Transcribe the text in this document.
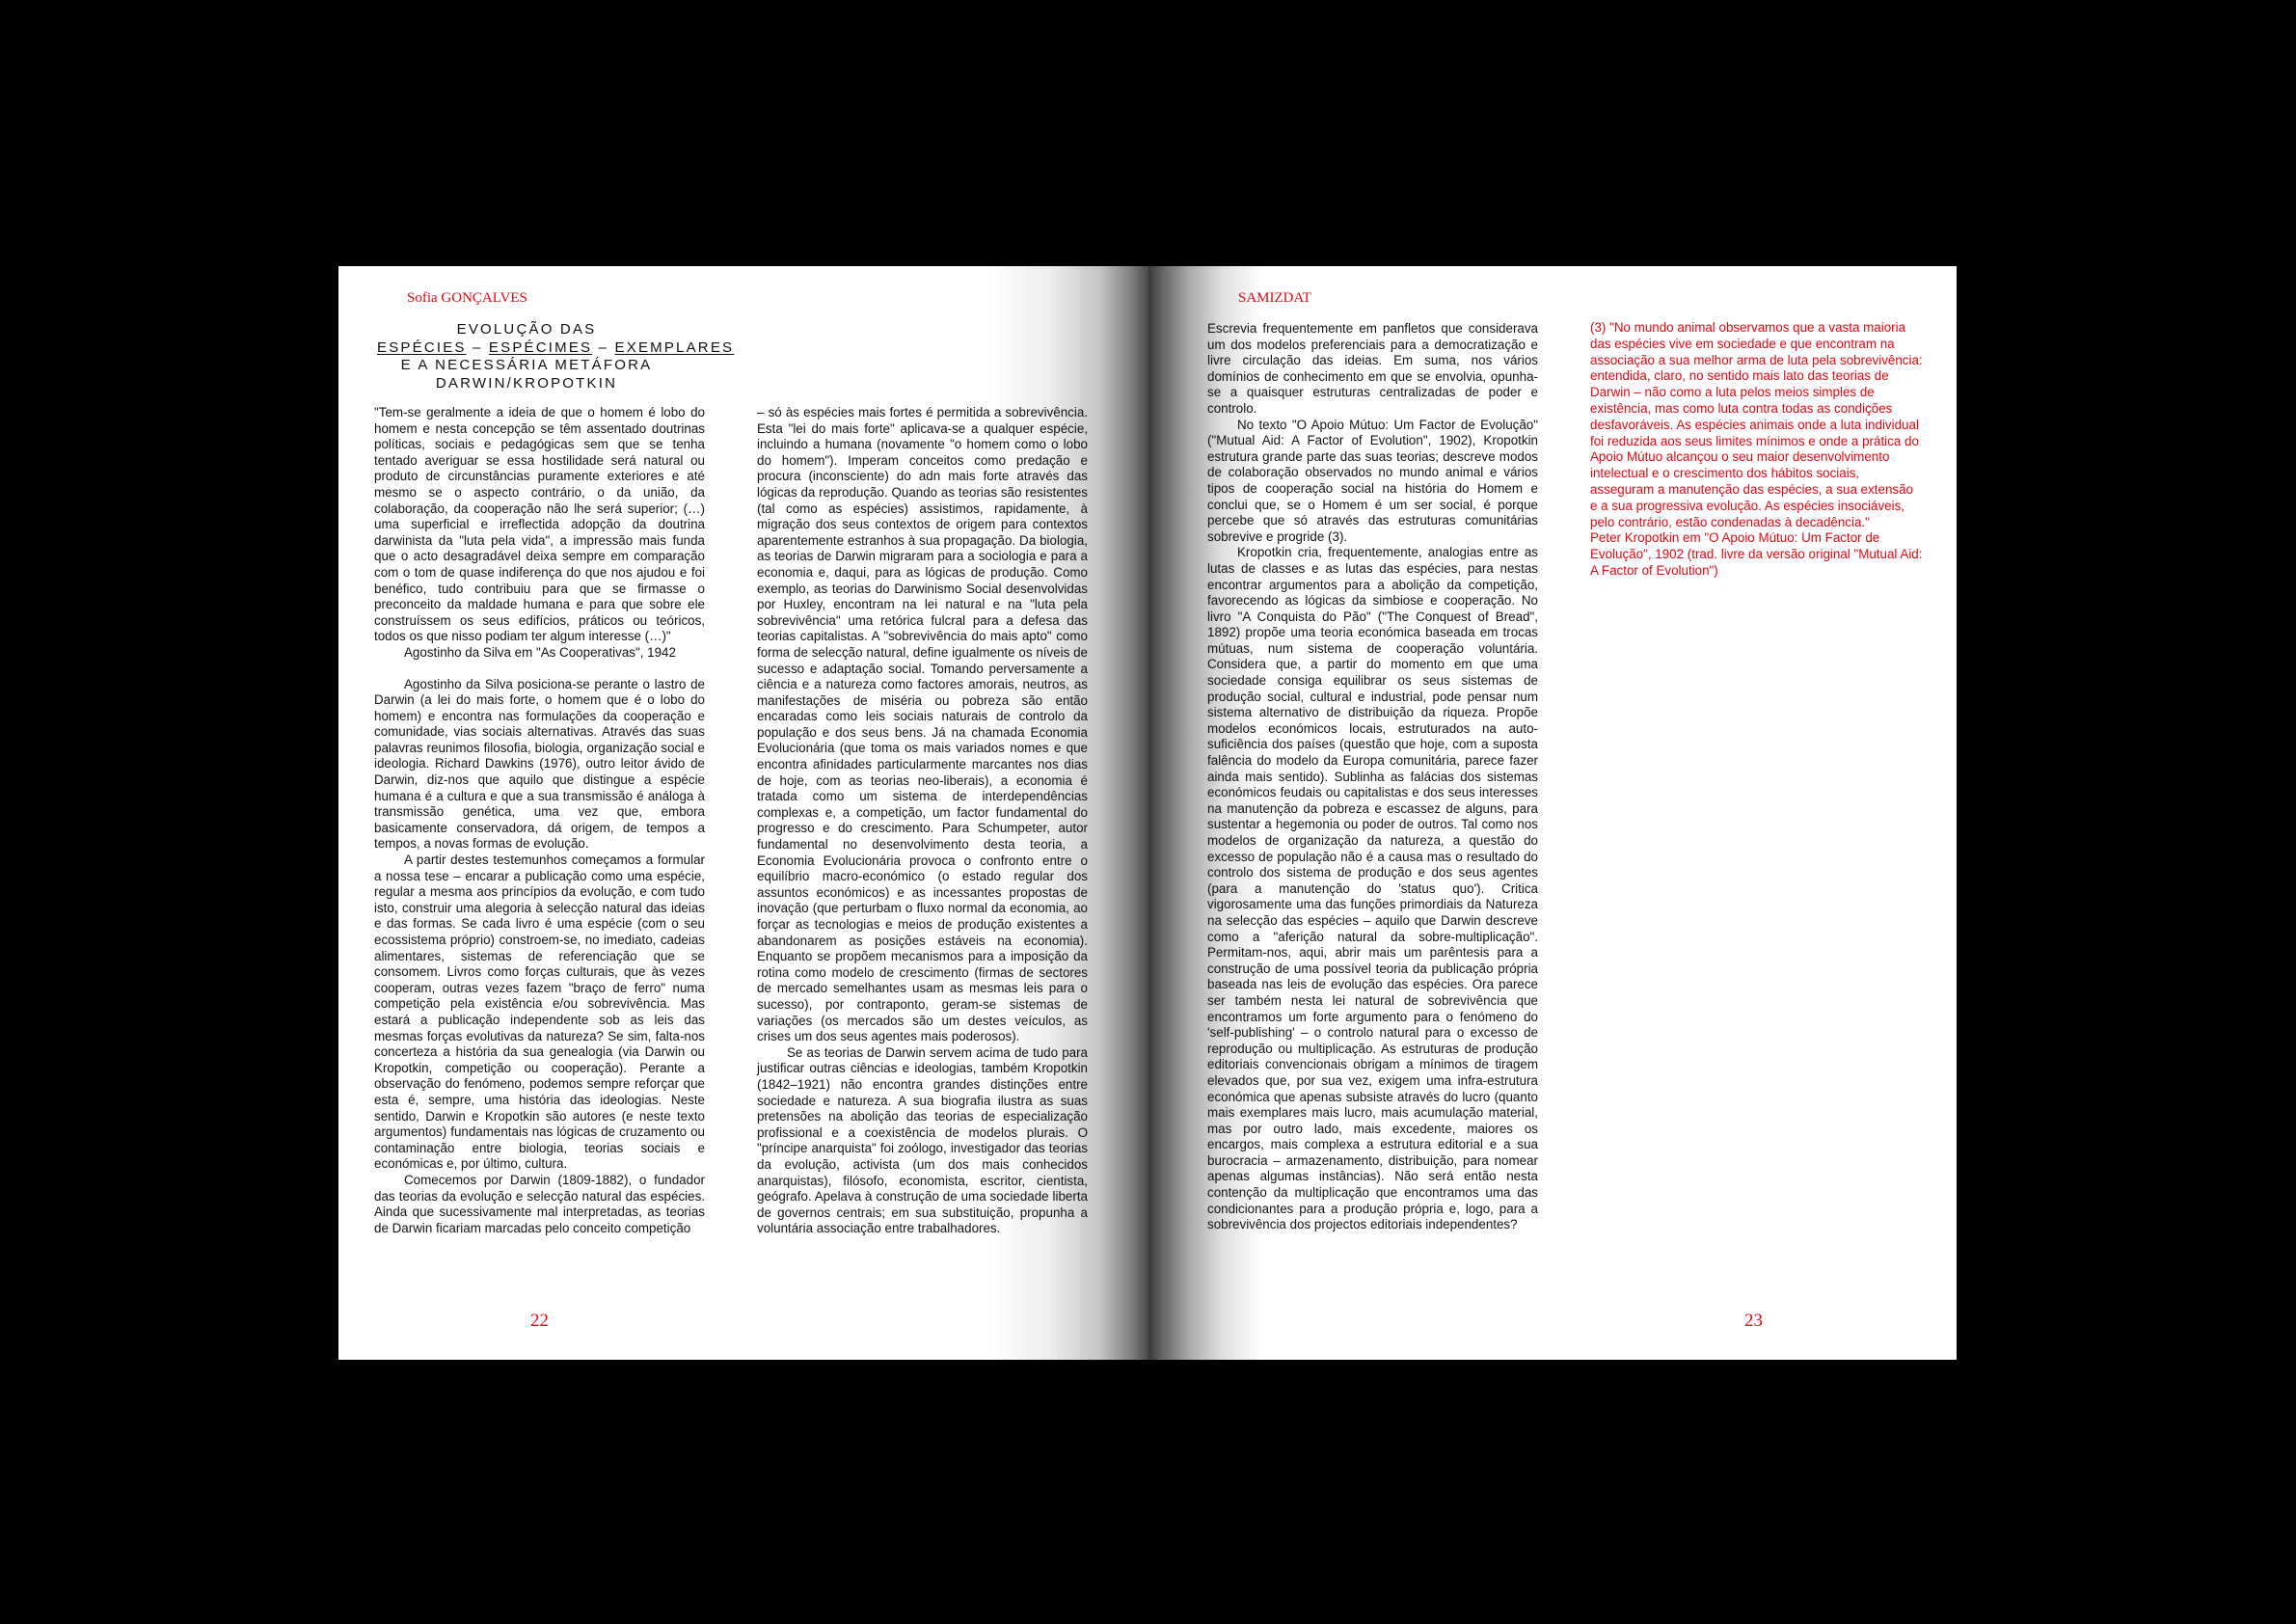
Sofia GONÇALVES
EVOLUÇÃO DAS
ESPÉCIES – ESPÉCIMES – EXEMPLARES
E A NECESSÁRIA METÁFORA
DARWIN/KROPOTKIN

"Tem-se geralmente a ideia de que o homem é lobo do homem e nesta concepção se têm assentado doutrinas políticas, sociais e pedagógicas sem que se tenha tentado averiguar se essa hostilidade será natural ou produto de circunstâncias puramente exteriores e até mesmo se o aspecto contrário, o da união, da colaboração, da cooperação não lhe será superior; (…) uma superficial e irreflectida adopção da doutrina darwinista da "luta pela vida", a impressão mais funda que o acto desagradável deixa sempre em comparação com o tom de quase indiferença do que nos ajudou e foi benéfico, tudo contribuiu para que se firmasse o preconceito da maldade humana e para que sobre ele construíssem os seus edifícios, práticos ou teóricos, todos os que nisso podiam ter algum interesse (…)"

Agostinho da Silva em "As Cooperativas", 1942

Agostinho da Silva posiciona-se perante o lastro de Darwin (a lei do mais forte, o homem que é o lobo do homem) e encontra nas formulações da cooperação e comunidade, vias sociais alternativas. Através das suas palavras reunimos filosofia, biologia, organização social e ideologia. Richard Dawkins (1976), outro leitor ávido de Darwin, diz-nos que aquilo que distingue a espécie humana é a cultura e que a sua transmissão é análoga à transmissão genética, uma vez que, embora basicamente conservadora, dá origem, de tempos a tempos, a novas formas de evolução.

A partir destes testemunhos começamos a formular a nossa tese – encarar a publicação como uma espécie, regular a mesma aos princípios da evolução, e com tudo isto, construir uma alegoria à selecção natural das ideias e das formas. Se cada livro é uma espécie (com o seu ecossistema próprio) constroem-se, no imediato, cadeias alimentares, sistemas de referenciação que se consomem. Livros como forças culturais, que às vezes cooperam, outras vezes fazem "braço de ferro" numa competição pela existência e/ou sobrevivência. Mas estará a publicação independente sob as leis das mesmas forças evolutivas da natureza? Se sim, falta-nos concerteza a história da sua genealogia (via Darwin ou Kropotkin, competição ou cooperação). Perante a observação do fenómeno, podemos sempre reforçar que esta é, sempre, uma história das ideologias. Neste sentido, Darwin e Kropotkin são autores (e neste texto argumentos) fundamentais nas lógicas de cruzamento ou contaminação entre biologia, teorias sociais e económicas e, por último, cultura.

Comecemos por Darwin (1809-1882), o fundador das teorias da evolução e selecção natural das espécies. Ainda que sucessivamente mal interpretadas, as teorias de Darwin ficariam marcadas pelo conceito competição

– só às espécies mais fortes é permitida a sobrevivência. Esta "lei do mais forte" aplicava-se a qualquer espécie, incluindo a humana (novamente "o homem como o lobo do homem"). Imperam conceitos como predação e procura (inconsciente) do adn mais forte através das lógicas da reprodução. Quando as teorias são resistentes (tal como as espécies) assistimos, rapidamente, à migração dos seus contextos de origem para contextos aparentemente estranhos à sua propagação. Da biologia, as teorias de Darwin migraram para a sociologia e para a economia e, daqui, para as lógicas de produção. Como exemplo, as teorias do Darwinismo Social desenvolvidas por Huxley, encontram na lei natural e na "luta pela sobrevivência" uma retórica fulcral para a defesa das teorias capitalistas. A "sobrevivência do mais apto" como forma de selecção natural, define igualmente os níveis de sucesso e adaptação social. Tomando perversamente a ciência e a natureza como factores amorais, neutros, as manifestações de miséria ou pobreza são então encaradas como leis sociais naturais de controlo da população e dos seus bens. Já na chamada Economia Evolucionária (que toma os mais variados nomes e que encontra afinidades particularmente marcantes nos dias de hoje, com as teorias neo-liberais), a economia é tratada como um sistema de interdependências complexas e, a competição, um factor fundamental do progresso e do crescimento. Para Schumpeter, autor fundamental no desenvolvimento desta teoria, a Economia Evolucionária provoca o confronto entre o equilíbrio macro-económico (o estado regular dos assuntos económicos) e as incessantes propostas de inovação (que perturbam o fluxo normal da economia, ao forçar as tecnologias e meios de produção existentes a abandonarem as posições estáveis na economia). Enquanto se propõem mecanismos para a imposição da rotina como modelo de crescimento (firmas de sectores de mercado semelhantes usam as mesmas leis para o sucesso), por contraponto, geram-se sistemas de variações (os mercados são um destes veículos, as crises um dos seus agentes mais poderosos).

Se as teorias de Darwin servem acima de tudo para justificar outras ciências e ideologias, também Kropotkin (1842–1921) não encontra grandes distinções entre sociedade e natureza. A sua biografia ilustra as suas pretensões na abolição das teorias de especialização profissional e a coexistência de modelos plurais. O "príncipe anarquista" foi zoólogo, investigador das teorias da evolução, activista (um dos mais conhecidos anarquistas), filósofo, economista, escritor, cientista, geógrafo. Apelava à construção de uma sociedade liberta de governos centrais; em sua substituição, propunha a voluntária associação entre trabalhadores.

22
SAMIZDAT

Escrevia frequentemente em panfletos que considerava um dos modelos preferenciais para a democratização e livre circulação das ideias. Em suma, nos vários domínios de conhecimento em que se envolvia, opunha-se a quaisquer estruturas centralizadas de poder e controlo.

No texto "O Apoio Mútuo: Um Factor de Evolução" ("Mutual Aid: A Factor of Evolution", 1902), Kropotkin estrutura grande parte das suas teorias; descreve modos de colaboração observados no mundo animal e vários tipos de cooperação social na história do Homem e conclui que, se o Homem é um ser social, é porque percebe que só através das estruturas comunitárias sobrevive e progride (3).

Kropotkin cria, frequentemente, analogias entre as lutas de classes e as lutas das espécies, para nestas encontrar argumentos para a abolição da competição, favorecendo as lógicas da simbiose e cooperação. No livro "A Conquista do Pão" ("The Conquest of Bread", 1892) propõe uma teoria económica baseada em trocas mútuas, num sistema de cooperação voluntária. Considera que, a partir do momento em que uma sociedade consiga equilibrar os seus sistemas de produção social, cultural e industrial, pode pensar num sistema alternativo de distribuição da riqueza. Propõe modelos económicos locais, estruturados na auto-suficiência dos países (questão que hoje, com a suposta falência do modelo da Europa comunitária, parece fazer ainda mais sentido). Sublinha as falácias dos sistemas económicos feudais ou capitalistas e dos seus interesses na manutenção da pobreza e escassez de alguns, para sustentar a hegemonia ou poder de outros. Tal como nos modelos de organização da natureza, a questão do excesso de população não é a causa mas o resultado do controlo dos sistema de produção e dos seus agentes (para a manutenção do 'status quo'). Critica vigorosamente uma das funções primordiais da Natureza na selecção das espécies – aquilo que Darwin descreve como a "aferição natural da sobre-multiplicação". Permitam-nos, aqui, abrir mais um parêntesis para a construção de uma possível teoria da publicação própria baseada nas leis de evolução das espécies. Ora parece ser também nesta lei natural de sobrevivência que encontramos um forte argumento para o fenómeno do 'self-publishing' – o controlo natural para o excesso de reprodução ou multiplicação. As estruturas de produção editoriais convencionais obrigam a mínimos de tiragem elevados que, por sua vez, exigem uma infra-estrutura económica que apenas subsiste através do lucro (quanto mais exemplares mais lucro, mais acumulação material, mas por outro lado, mais excedente, maiores os encargos, mais complexa a estrutura editorial e a sua burocracia – armazenamento, distribuição, para nomear apenas algumas instâncias). Não será então nesta contenção da multiplicação que encontramos uma das condicionantes para a produção própria e, logo, para a sobrevivência dos projectos editoriais independentes?

(3) "No mundo animal observamos que a vasta maioria das espécies vive em sociedade e que encontram na associação a sua melhor arma de luta pela sobrevivência: entendida, claro, no sentido mais lato das teorias de Darwin – não como a luta pelos meios simples de existência, mas como luta contra todas as condições desfavoráveis. As espécies animais onde a luta individual foi reduzida aos seus limites mínimos e onde a prática do Apoio Mútuo alcançou o seu maior desenvolvimento intelectual e o crescimento dos hábitos sociais, asseguram a manutenção das espécies, a sua extensão e a sua progressiva evolução. As espécies insociáveis, pelo contrário, estão condenadas à decadência."

Peter Kropotkin em "O Apoio Mútuo: Um Factor de Evolução", 1902 (trad. livre da versão original "Mutual Aid: A Factor of Evolution")

23
